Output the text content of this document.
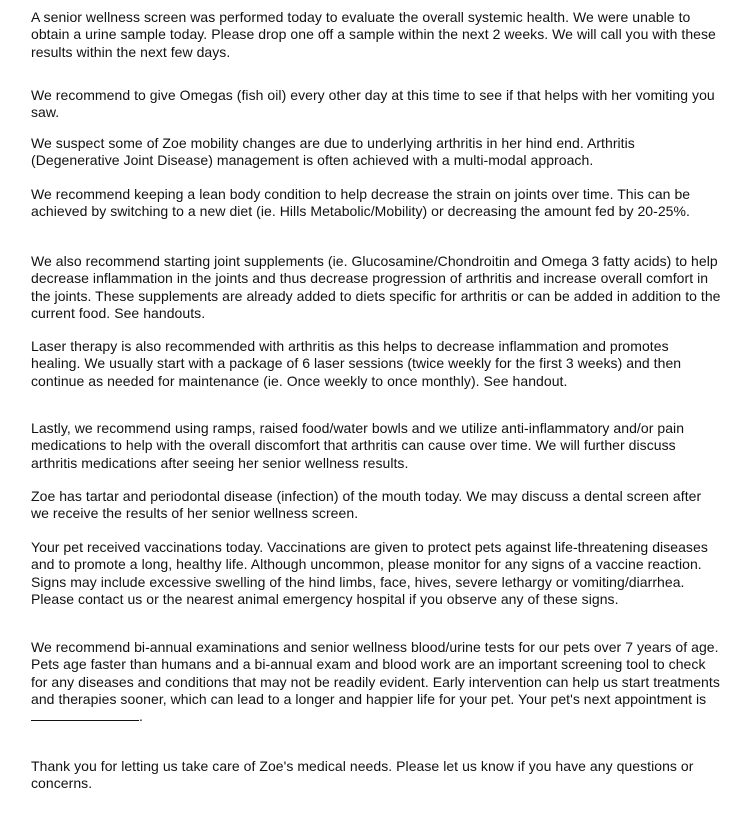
A senior wellness screen was performed today to evaluate the overall systemic health. We were unable to obtain a urine sample today. Please drop one off a sample within the next 2 weeks. We will call you with these results within the next few days.

We recommend to give Omegas (fish oil) every other day at this time to see if that helps with her vomiting you saw.

We suspect some of Zoe mobility changes are due to underlying arthritis in her hind end. Arthritis (Degenerative Joint Disease) management is often achieved with a multi-modal approach.

We recommend keeping a lean body condition to help decrease the strain on joints over time. This can be achieved by switching to a new diet (ie. Hills Metabolic/Mobility) or decreasing the amount fed by 20-25%.

We also recommend starting joint supplements (ie. Glucosamine/Chondroitin and Omega 3 fatty acids) to help decrease inflammation in the joints and thus decrease progression of arthritis and increase overall comfort in the joints. These supplements are already added to diets specific for arthritis or can be added in addition to the current food. See handouts.

Laser therapy is also recommended with arthritis as this helps to decrease inflammation and promotes healing. We usually start with a package of 6 laser sessions (twice weekly for the first 3 weeks) and then continue as needed for maintenance (ie. Once weekly to once monthly). See handout.

Lastly, we recommend using ramps, raised food/water bowls and we utilize anti-inflammatory and/or pain medications to help with the overall discomfort that arthritis can cause over time. We will further discuss arthritis medications after seeing her senior wellness results.

Zoe has tartar and periodontal disease (infection) of the mouth today. We may discuss a dental screen after we receive the results of her senior wellness screen.

Your pet received vaccinations today. Vaccinations are given to protect pets against life-threatening diseases and to promote a long, healthy life. Although uncommon, please monitor for any signs of a vaccine reaction. Signs may include excessive swelling of the hind limbs, face, hives, severe lethargy or vomiting/diarrhea. Please contact us or the nearest animal emergency hospital if you observe any of these signs.

We recommend bi-annual examinations and senior wellness blood/urine tests for our pets over 7 years of age. Pets age faster than humans and a bi-annual exam and blood work are an important screening tool to check for any diseases and conditions that may not be readily evident. Early intervention can help us start treatments and therapies sooner, which can lead to a longer and happier life for your pet. Your pet's next appointment is .

Thank you for letting us take care of Zoe's medical needs. Please let us know if you have any questions or concerns.
